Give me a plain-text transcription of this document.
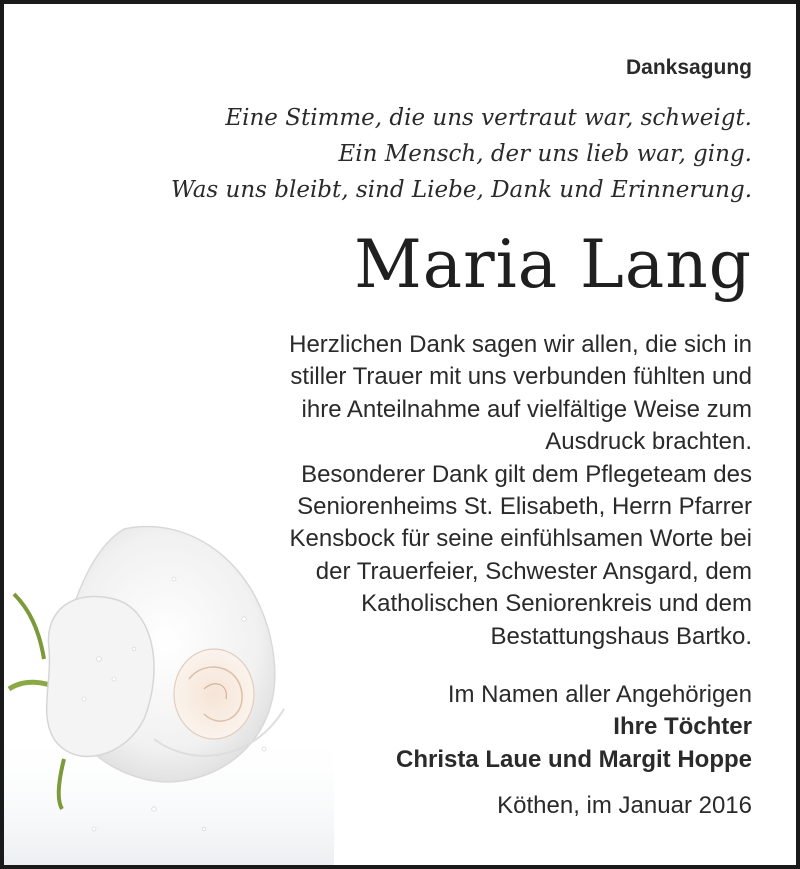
Danksagung
Eine Stimme, die uns vertraut war, schweigt.
Ein Mensch, der uns lieb war, ging.
Was uns bleibt, sind Liebe, Dank und Erinnerung.
Maria Lang
Herzlichen Dank sagen wir allen, die sich in
stiller Trauer mit uns verbunden fühlten und
ihre Anteilnahme auf vielfältige Weise zum
Ausdruck brachten.
Besonderer Dank gilt dem Pflegeteam des
Seniorenheims St. Elisabeth, Herrn Pfarrer
Kensbock für seine einfühlsamen Worte bei
der Trauerfeier, Schwester Ansgard, dem
Katholischen Seniorenkreis und dem
Bestattungshaus Bartko.
Im Namen aller Angehörigen
Ihre Töchter
Christa Laue und Margit Hoppe
Köthen, im Januar 2016
